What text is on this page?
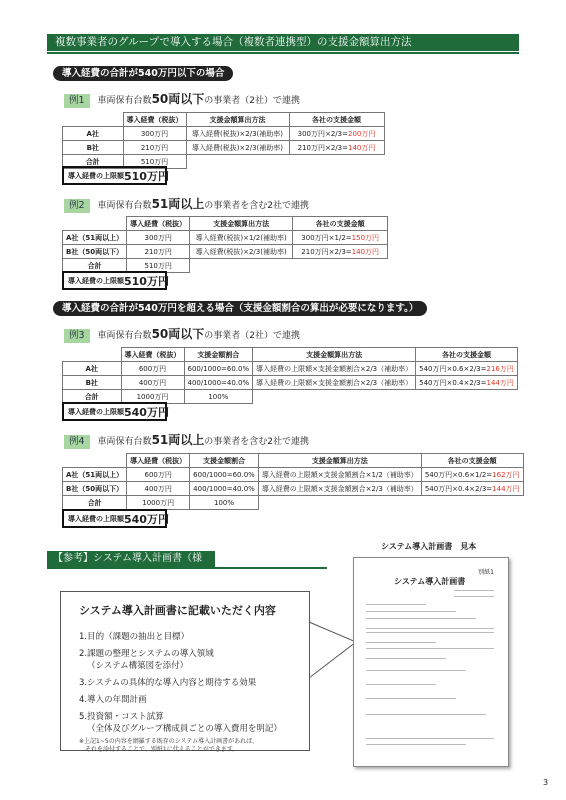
複数事業者のグループで導入する場合（複数者連携型）の支援金額算出方法
導入経費の合計が540万円以下の場合
例1 車両保有台数50両以下の事業者（2社）で連携
	導入経費（税抜）	支援金額算出方法	各社の支援金額
A社	300万円	導入経費(税抜)×2/3(補助率)	300万円×2/3=200万円
B社	210万円	導入経費(税抜)×2/3(補助率)	210万円×2/3=140万円
合計	510万円		
導入経費の上限額 510万円
例2 車両保有台数51両以上の事業者を含む2社で連携
	導入経費（税抜）	支援金額算出方法	各社の支援金額
A社（51両以上）	300万円	導入経費(税抜)×1/2(補助率)	300万円×1/2=150万円
B社（50両以下）	210万円	導入経費(税抜)×2/3(補助率)	210万円×2/3=140万円
合計	510万円		
導入経費の上限額 510万円
導入経費の合計が540万円を超える場合（支援金額割合の算出が必要になります。）
例3 車両保有台数50両以下の事業者（2社）で連携
	導入経費（税抜）	支援金額割合	支援金額算出方法	各社の支援金額
A社	600万円	600/1000=60.0%	導入経費の上限額×支援金額割合×2/3（補助率）	540万円×0.6×2/3=216万円
B社	400万円	400/1000=40.0%	導入経費の上限額×支援金額割合×2/3（補助率）	540万円×0.4×2/3=144万円
合計	1000万円	100%		
導入経費の上限額 540万円
例4 車両保有台数51両以上の事業者を含む2社で連携
	導入経費（税抜）	支援金額割合	支援金額算出方法	各社の支援金額
A社（51両以上）	600万円	600/1000=60.0%	導入経費の上限額×支援金額割合×1/2（補助率）	540万円×0.6×1/2=162万円
B社（50両以下）	400万円	400/1000=40.0%	導入経費の上限額×支援金額割合×2/3（補助率）	540万円×0.4×2/3=144万円
合計	1000万円	100%		
導入経費の上限額 540万円
【参考】システム導入計画書（様式）
システム導入計画書に記載いただく内容
1.目的（課題の抽出と目標）
2.課題の整理とシステムの導入領域
（システム構築図を添付）
3.システムの具体的な導入内容と期待する効果
4.導入の年間計画
5.投資額・コスト試算
（全体及びグループ構成員ごとの導入費用を明記）
※上記1~5の内容を網羅する既存のシステム導入計画書があれば、
それを添付することで、別紙1に代えることができます。
システム導入計画書　見本
別紙1
システム導入計画書
3
